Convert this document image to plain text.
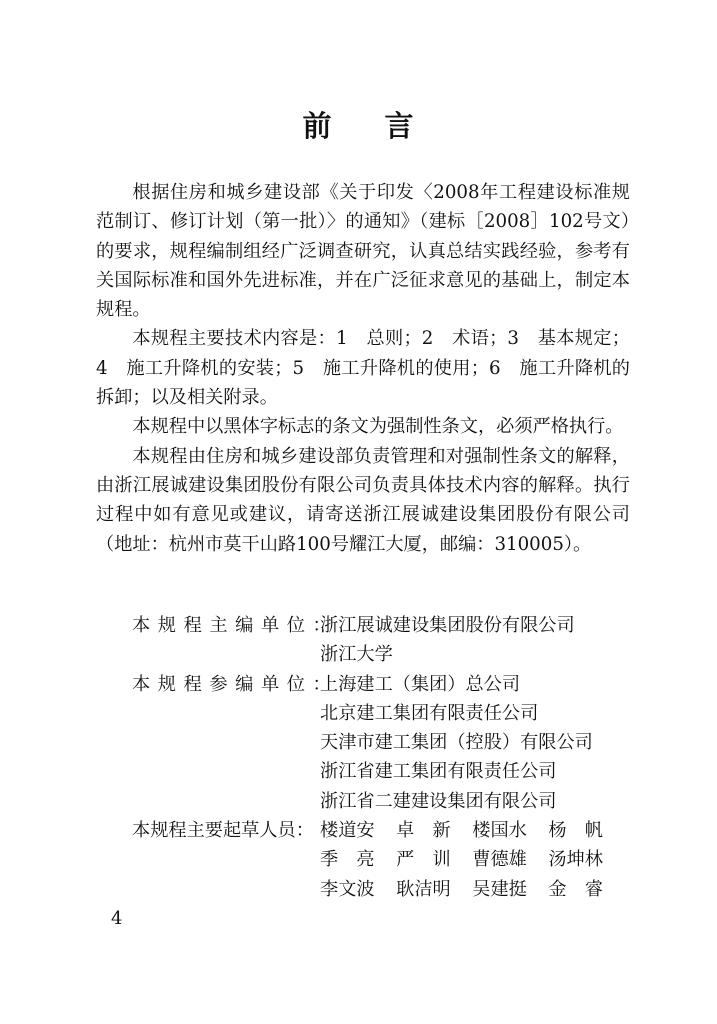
前 言

根据住房和城乡建设部《关于印发〈2008年工程建设标准规范制订、修订计划（第一批）〉的通知》（建标［2008］102号文）的要求，规程编制组经广泛调查研究，认真总结实践经验，参考有关国际标准和国外先进标准，并在广泛征求意见的基础上，制定本规程。

本规程主要技术内容是：1　总则；2　术语；3　基本规定；4　施工升降机的安装；5　施工升降机的使用；6　施工升降机的拆卸；以及相关附录。

本规程中以黑体字标志的条文为强制性条文，必须严格执行。

本规程由住房和城乡建设部负责管理和对强制性条文的解释，由浙江展诚建设集团股份有限公司负责具体技术内容的解释。执行过程中如有意见或建议，请寄送浙江展诚建设集团股份有限公司（地址：杭州市莫干山路100号耀江大厦，邮编：310005）。

本规程主编单位：
浙江展诚建设集团股份有限公司
浙江大学
本规程参编单位：
上海建工（集团）总公司
北京建工集团有限责任公司
天津市建工集团（控股）有限公司
浙江省建工集团有限责任公司
浙江省二建建设集团有限公司
本规程主要起草人员： 楼道安 卓　新 楼国水 杨　帆
季　亮 严　训 曹德雄 汤坤林
李文波 耿洁明 吴建挺 金　睿
4
